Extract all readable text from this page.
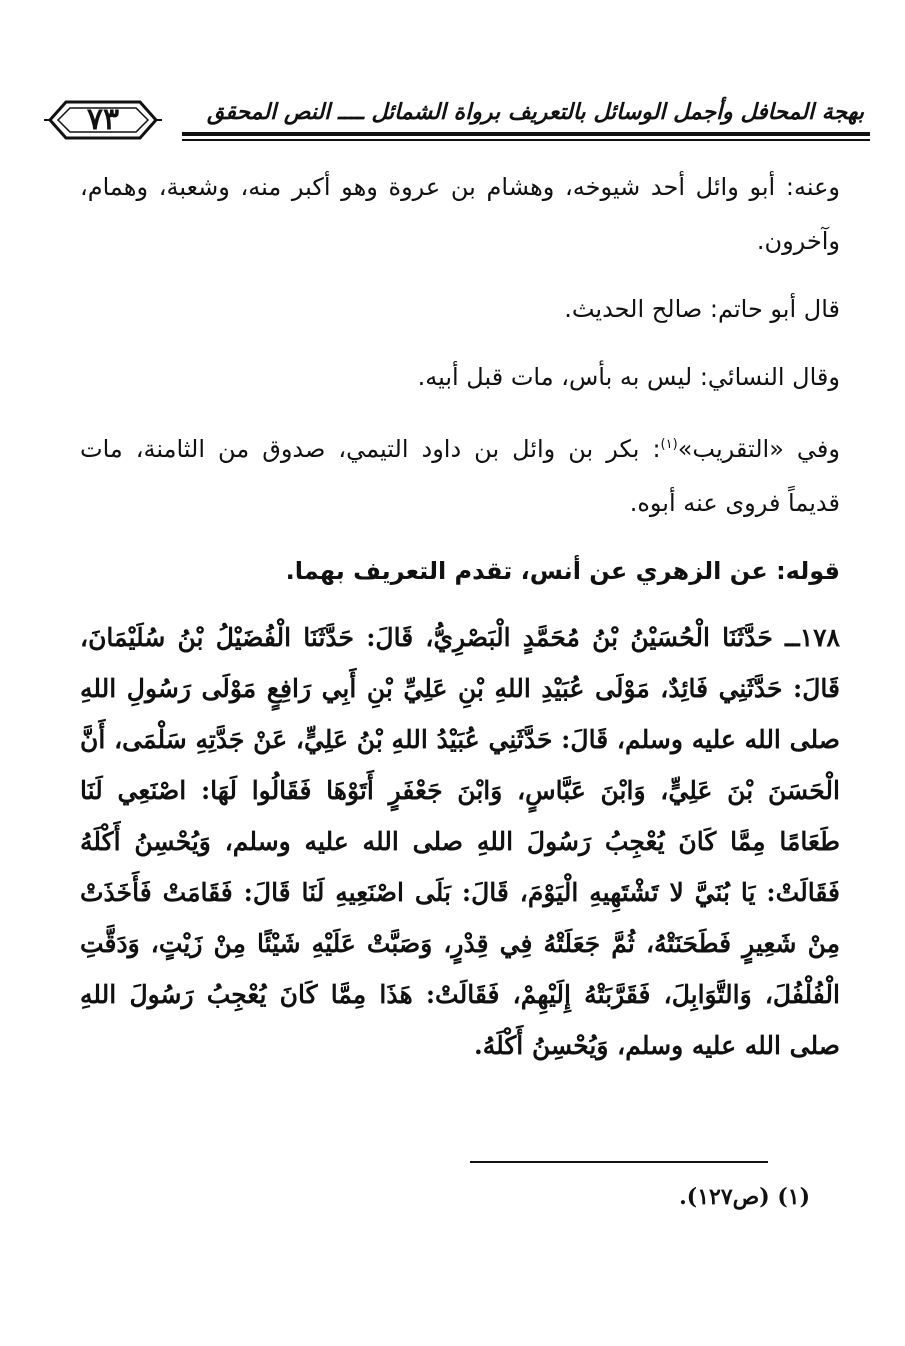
٧٣	بهجة المحافل وأجمل الوسائل بالتعريف برواة الشمائل ــــ النص المحقق

وعنه: أبو وائل أحد شيوخه، وهشام بن عروة وهو أكبر منه، وشعبة، وهمام، وآخرون.

قال أبو حاتم: صالح الحديث.

وقال النسائي: ليس به بأس، مات قبل أبيه.

وفي «التقريب»$^{(١)}$: بكر بن وائل بن داود التيمي، صدوق من الثامنة، مات قديماً فروى عنه أبوه.

قوله: عن الزهري عن أنس، تقدم التعريف بهما.

١٧٨ــ حَدَّثَنَا الْحُسَيْنُ بْنُ مُحَمَّدٍ الْبَصْرِيُّ، قَالَ: حَدَّثَنَا الْفُضَيْلُ بْنُ سُلَيْمَانَ، قَالَ: حَدَّثَنِي فَائِدٌ، مَوْلَى عُبَيْدِ اللهِ بْنِ عَلِيِّ بْنِ أَبِي رَافِعٍ مَوْلَى رَسُولِ اللهِ صلى الله عليه وسلم، قَالَ: حَدَّثَنِي عُبَيْدُ اللهِ بْنُ عَلِيٍّ، عَنْ جَدَّتِهِ سَلْمَى، أَنَّ الْحَسَنَ بْنَ عَلِيٍّ، وَابْنَ عَبَّاسٍ، وَابْنَ جَعْفَرٍ أَتَوْهَا فَقَالُوا لَهَا: اصْنَعِي لَنَا طَعَامًا مِمَّا كَانَ يُعْجِبُ رَسُولَ اللهِ صلى الله عليه وسلم، وَيُحْسِنُ أَكْلَهُ فَقَالَتْ: يَا بُنَيَّ لا تَشْتَهِيهِ الْيَوْمَ، قَالَ: بَلَى اصْنَعِيهِ لَنَا قَالَ: فَقَامَتْ فَأَخَذَتْ مِنْ شَعِيرٍ فَطَحَنَتْهُ، ثُمَّ جَعَلَتْهُ فِي قِدْرٍ، وَصَبَّتْ عَلَيْهِ شَيْئًا مِنْ زَيْتٍ، وَدَقَّتِ الْفُلْفُلَ، وَالتَّوَابِلَ، فَقَرَّبَتْهُ إِلَيْهِمْ، فَقَالَتْ: هَذَا مِمَّا كَانَ يُعْجِبُ رَسُولَ اللهِ صلى الله عليه وسلم، وَيُحْسِنُ أَكْلَهُ.

(١) (ص١٢٧).
